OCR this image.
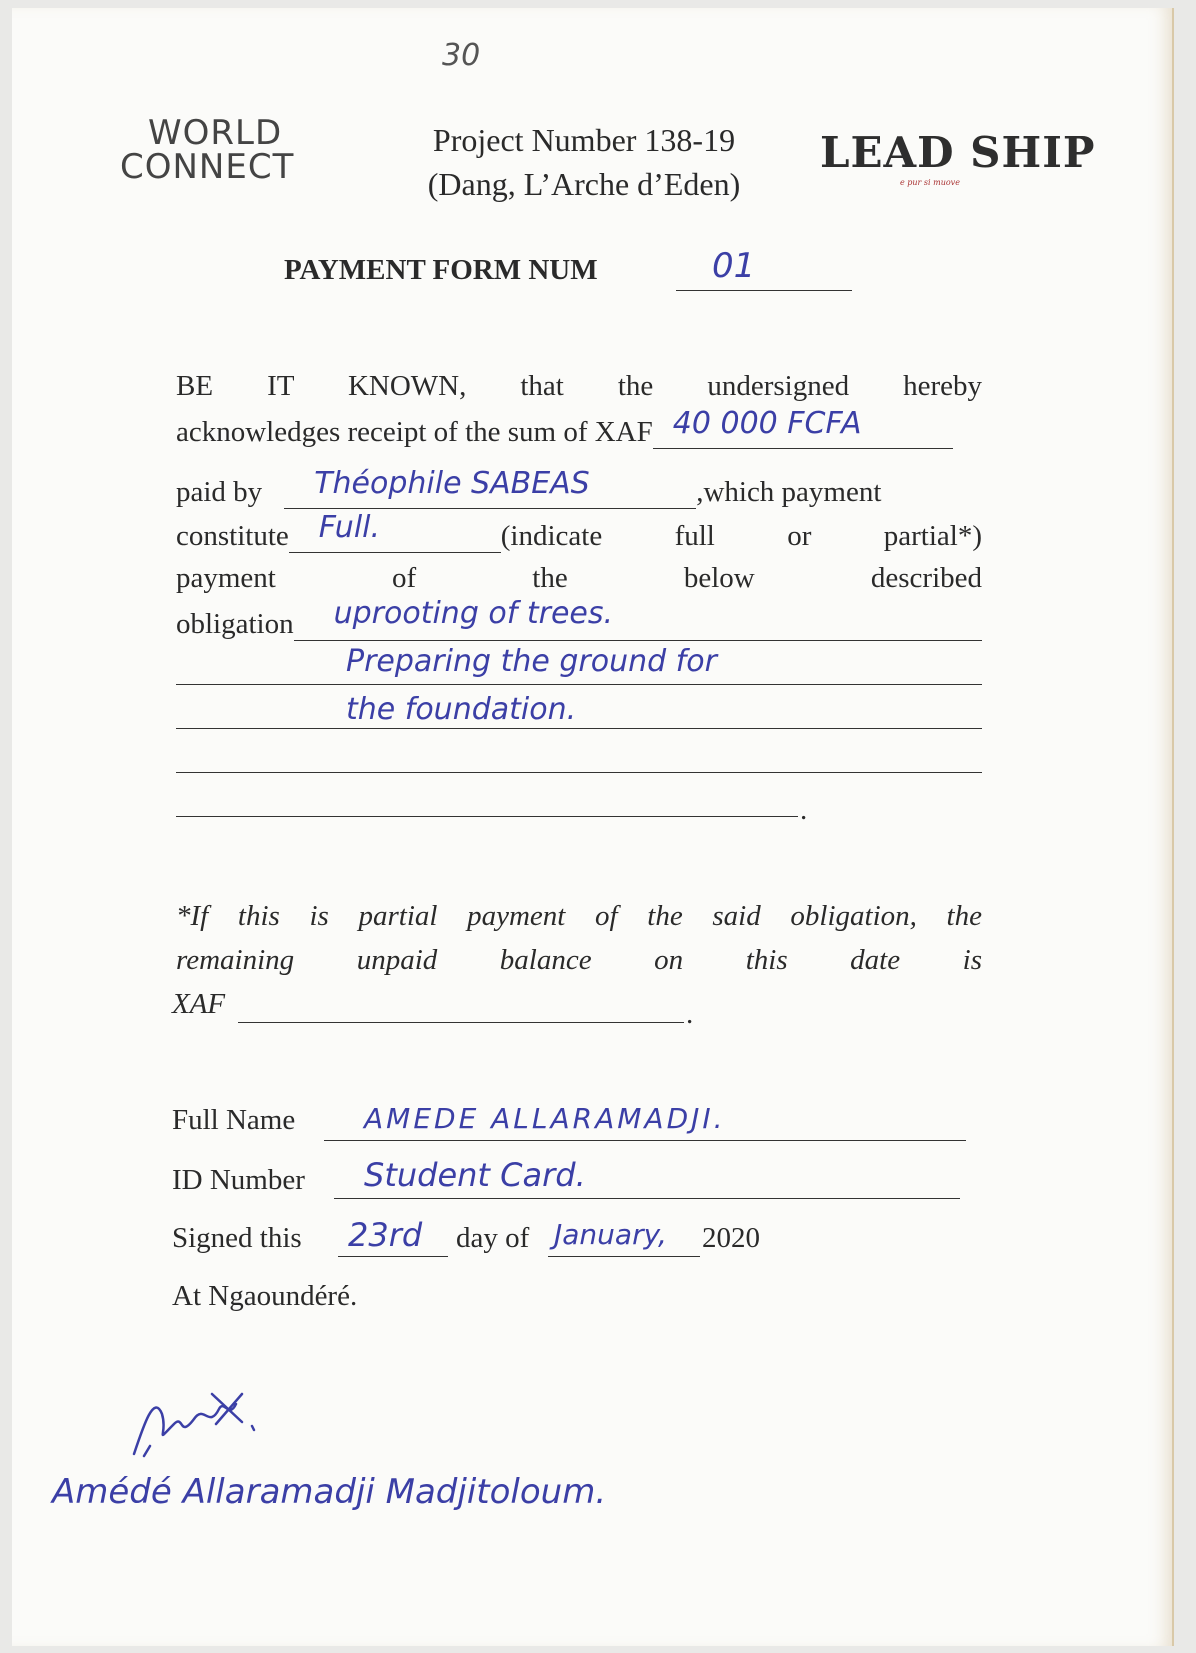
30
WORLD
CONNECT
Project Number 138-19
(Dang, L’Arche d’Eden)
LEAD SHIP
e pur si muove
PAYMENT FORM NUM	01
BE IT KNOWN, that the undersigned hereby
acknowledges receipt of the sum of XAF 40 000 FCFA
paid by Théophile SABEAS	,which payment
constitute Full.	(indicate full or partial*)
payment of the below described
obligation uprooting of trees.
Preparing the ground for
the foundation.
.
*If this is partial payment of the said obligation, the
remaining unpaid balance on this date is
XAF	.
Full Name AMEDE ALLARAMADJI.
ID Number Student Card.
Signed this 23rd day of January, 2020
At Ngaoundéré.
Amédé Allaramadji Madjitoloum.
